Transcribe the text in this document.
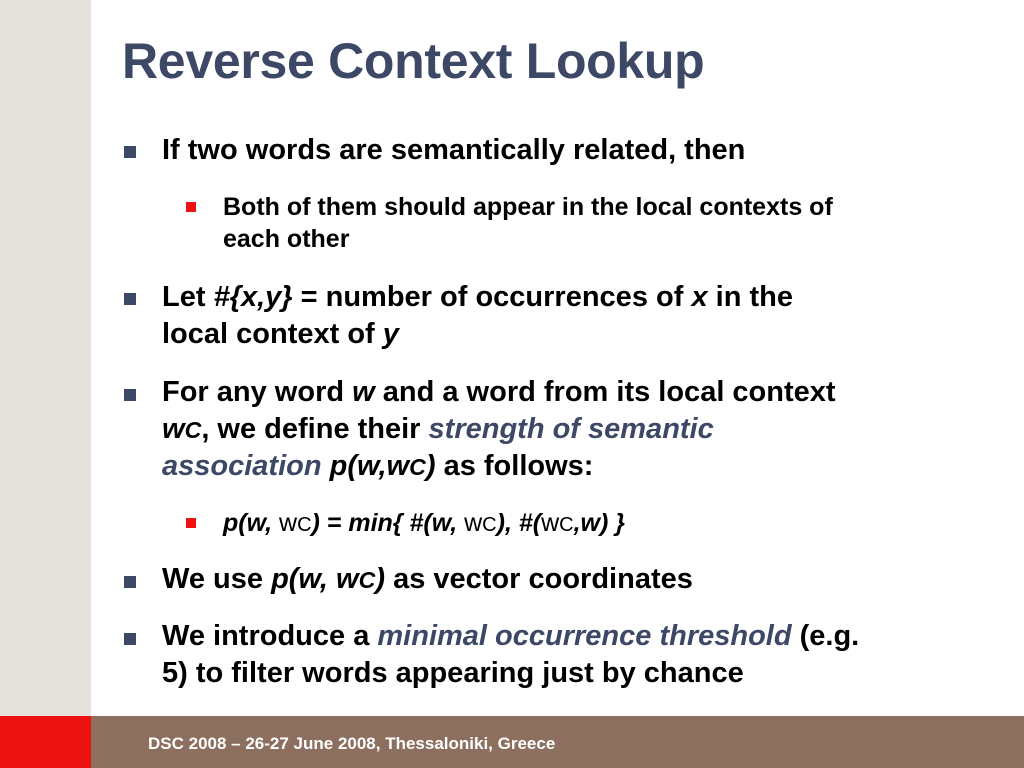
Reverse Context Lookup
If two words are semantically related, then
Both of them should appear in the local contexts of
each other
Let #{x,y} = number of occurrences of x in the
local context of y
For any word w and a word from its local context
wC, we define their strength of semantic
association p(w,wC) as follows:
p(w, wC) = min{ #(w, wC), #(wC,w) }
We use p(w, wC) as vector coordinates
We introduce a minimal occurrence threshold (e.g.
5) to filter words appearing just by chance
DSC 2008 – 26-27 June 2008, Thessaloniki, Greece
